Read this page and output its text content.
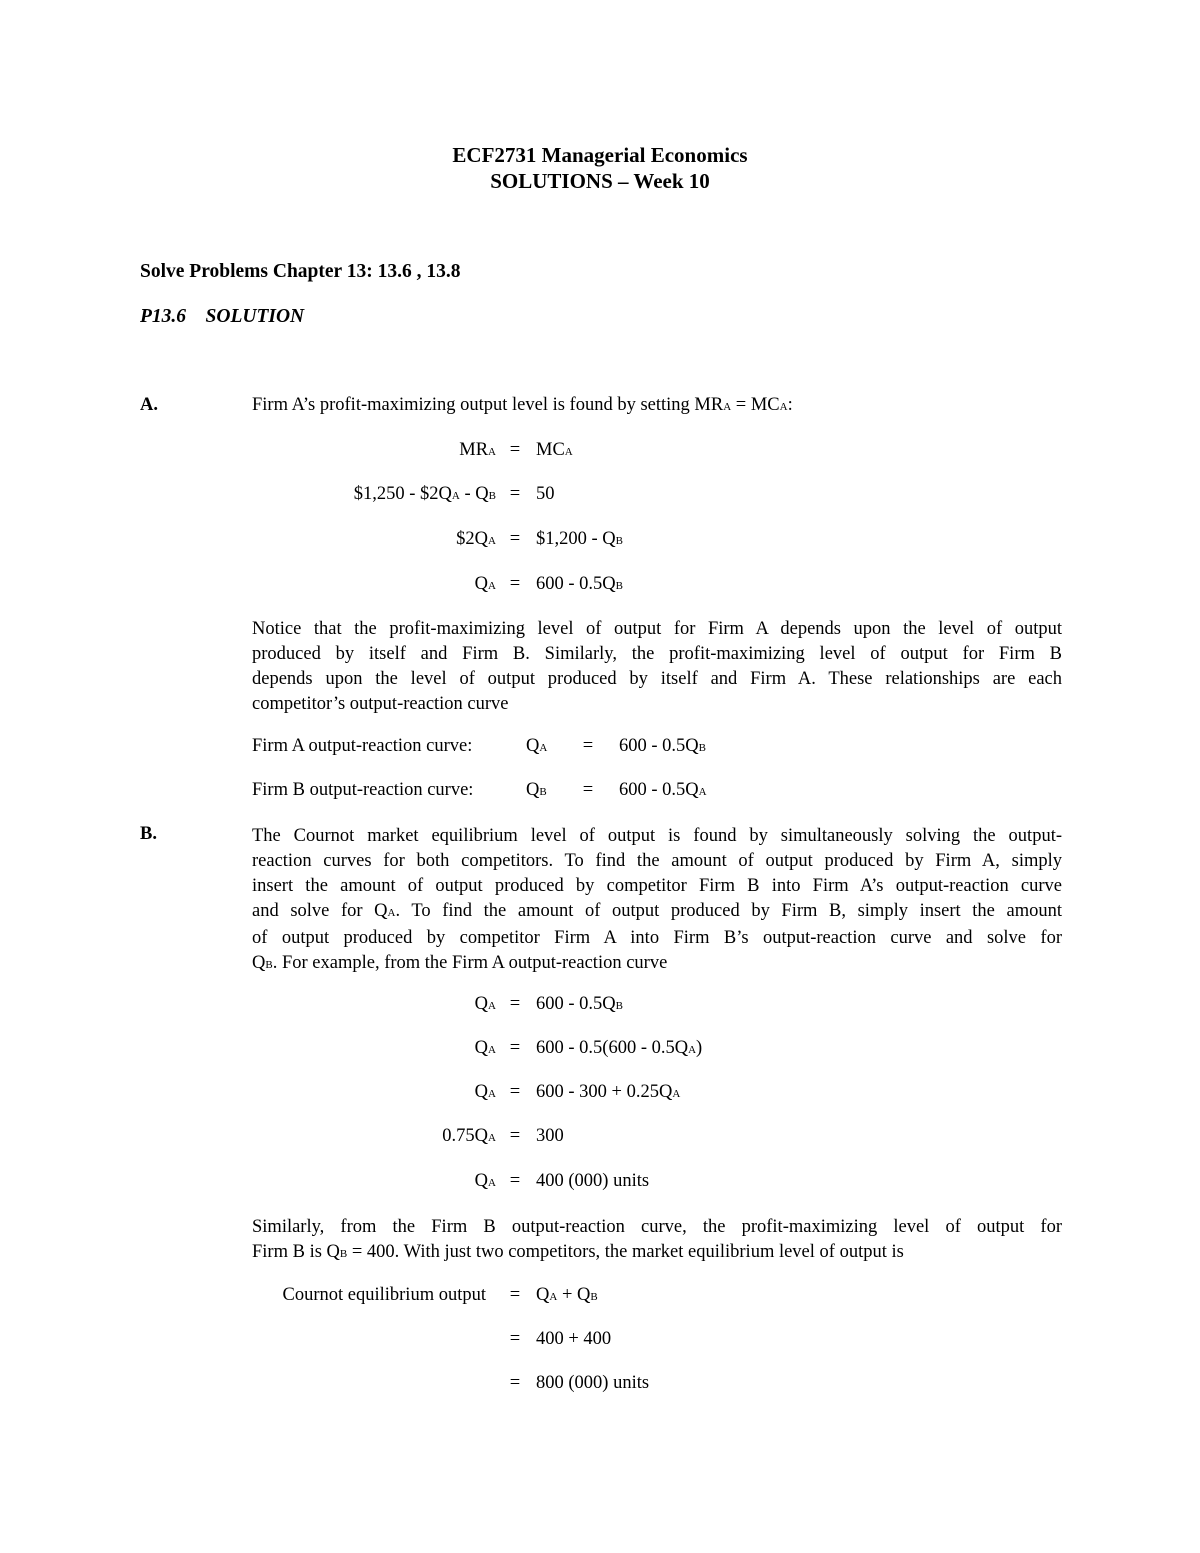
ECF2731 Managerial Economics
SOLUTIONS – Week 10
Solve Problems Chapter 13: 13.6 , 13.8
P13.6    SOLUTION
A.	Firm A’s profit-maximizing output level is found by setting MRA = MCA:
MRA = MCA
$1,250 - $2QA - QB = 50
$2QA = $1,200 - QB
QA = 600 - 0.5QB
Notice that the profit-maximizing level of output for Firm A depends upon the level of output
produced by itself and Firm B. Similarly, the profit-maximizing level of output for Firm B
depends upon the level of output produced by itself and Firm A. These relationships are each
competitor’s output-reaction curve
Firm A output-reaction curve:	QA = 600 - 0.5QB
Firm B output-reaction curve:	QB = 600 - 0.5QA
B.	The Cournot market equilibrium level of output is found by simultaneously solving the output-
reaction curves for both competitors. To find the amount of output produced by Firm A, simply
insert the amount of output produced by competitor Firm B into Firm A’s output-reaction curve
and solve for QA. To find the amount of output produced by Firm B, simply insert the amount
of output produced by competitor Firm A into Firm B’s output-reaction curve and solve for
QB. For example, from the Firm A output-reaction curve
QA = 600 - 0.5QB
QA = 600 - 0.5(600 - 0.5QA)
QA = 600 - 300 + 0.25QA
0.75QA = 300
QA = 400 (000) units
Similarly, from the Firm B output-reaction curve, the profit-maximizing level of output for
Firm B is QB = 400. With just two competitors, the market equilibrium level of output is
Cournot equilibrium output = QA + QB
= 400 + 400
= 800 (000) units
